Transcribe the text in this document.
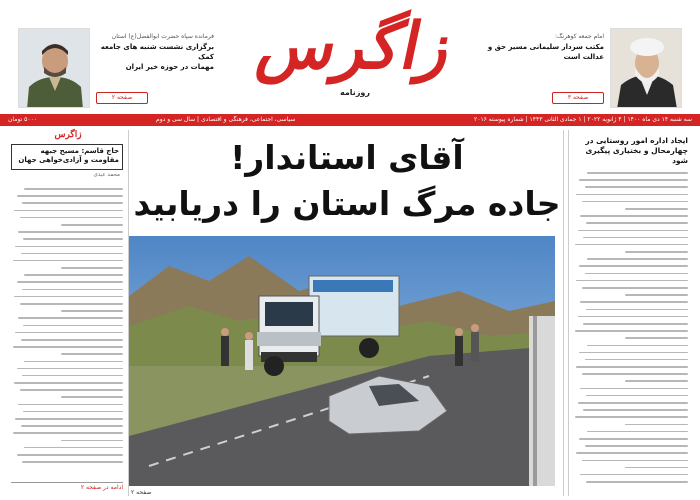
فرمانده سپاه حضرت ابوالفضل(ع) استان
برگزاری نشست شنبه های جامعه کمک
مهمات در حوزه خیر ایران
صفحه ۲
زاگرس
روزنامه
امام جمعه کوهرنگ:
مکتب سردار سلیمانی مسیر حق و عدالت است
صفحه ۳
سه شنبه ۱۴ دی ماه ۱۴۰۰ | ۴ ژانویه ۲۰۲۲ | ۱ جمادی الثانی ۱۴۴۳ | شماره پیوسته ۲۰۱۶
سیاسی، اجتماعی، فرهنگی و اقتصادی | سال سی و دوم
۵۰۰۰ تومان
زاگرس
حاج قاسم: مسیح جبهه مقاومت و آزادی‌خواهی جهان
محمد عبدی
ادامه در صفحه ۲
آقای استاندار!
جاده مرگ استان را دریابید
صفحه ۲
ایجاد اداره امور روستایی در چهارمحال و بختیاری پیگیری شود
